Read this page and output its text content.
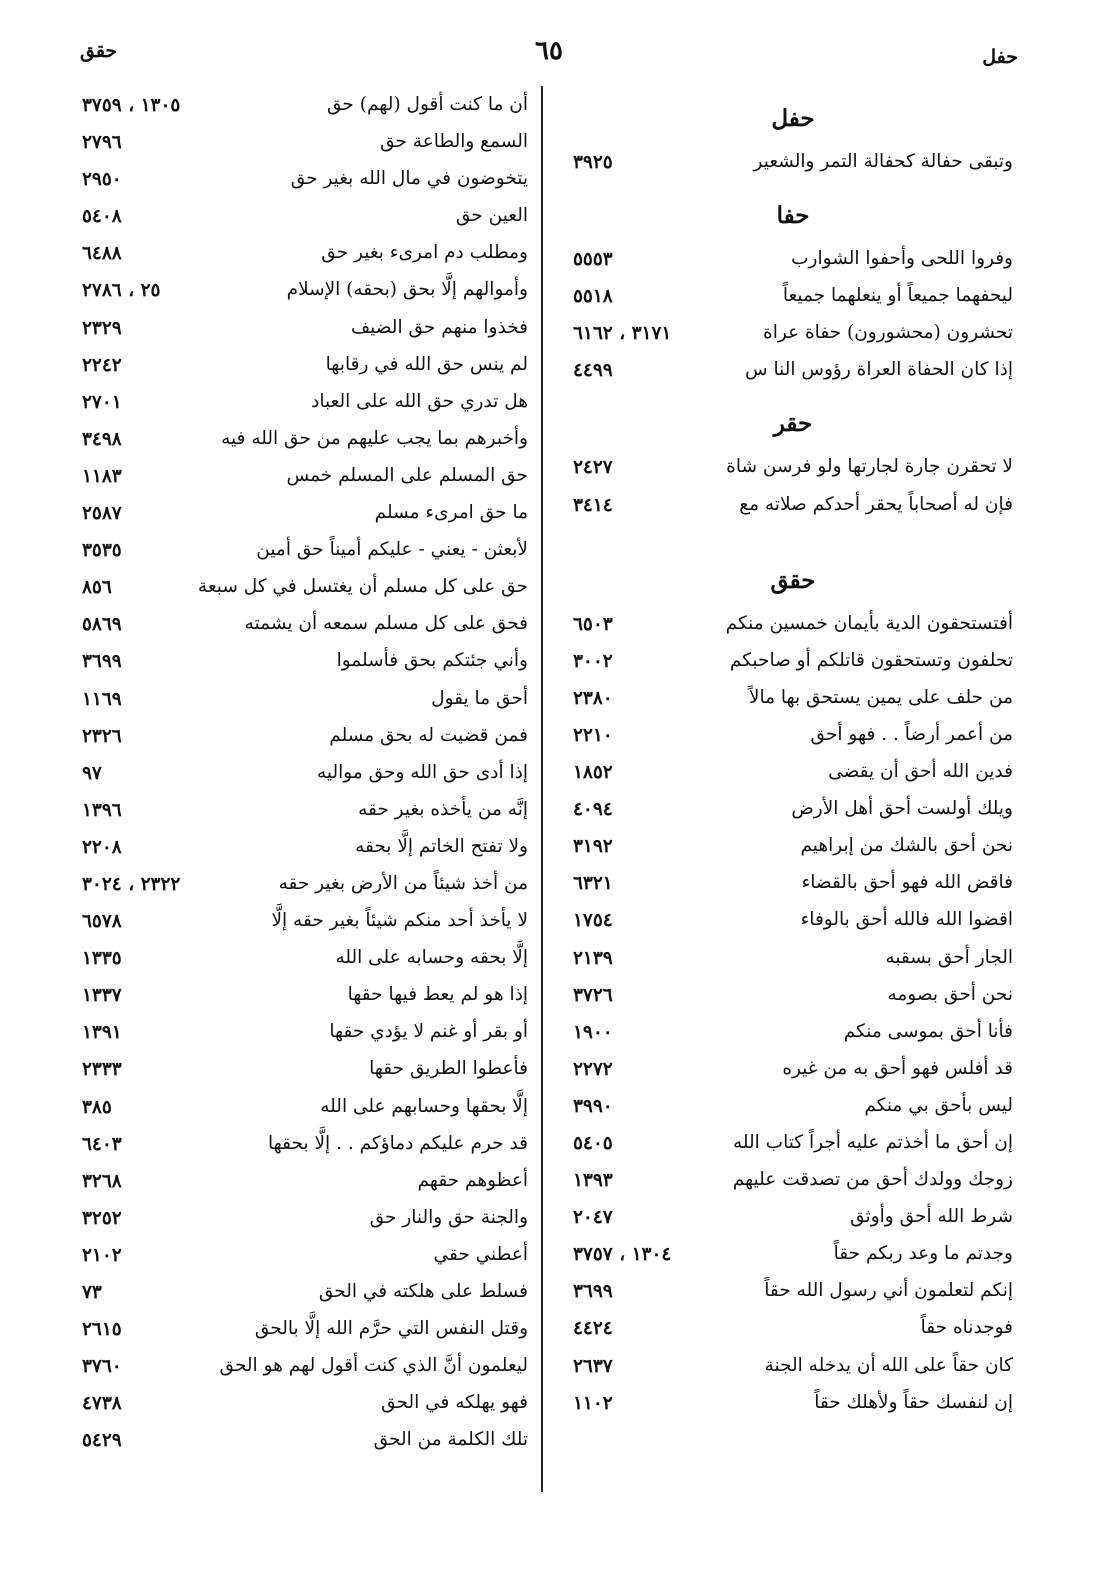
حفل
٦٥
حقق
حفل
وتبقى حفالة كحفالة التمر والشعير
٣٩٢٥
حفا
وفروا اللحى وأحفوا الشوارب
٥٥٥٣
ليحفهما جميعاً أو ينعلهما جميعاً
٥٥١٨
تحشرون (محشورون) حفاة عراة
٣١٧١ ، ٦١٦٢
إذا كان الحفاة العراة رؤوس النا س
٤٤٩٩
حقر
لا تحقرن جارة لجارتها ولو فرسن شاة
٢٤٢٧
فإن له أصحاباً يحقر أحدكم صلاته مع
٣٤١٤
حقق
أفتستحقون الدية بأيمان خمسين منكم
٦٥٠٣
تحلفون وتستحقون قاتلكم أو صاحبكم
٣٠٠٢
من حلف على يمين يستحق بها مالاً
٢٣٨٠
من أعمر أرضاً . . فهو أحق
٢٢١٠
فدين الله أحق أن يقضى
١٨٥٢
ويلك أولست أحق أهل الأرض
٤٠٩٤
نحن أحق بالشك من إبراهيم
٣١٩٢
فاقض الله فهو أحق بالقضاء
٦٣٢١
اقضوا الله فالله أحق بالوفاء
١٧٥٤
الجار أحق بسقبه
٢١٣٩
نحن أحق بصومه
٣٧٢٦
فأنا أحق بموسى منكم
١٩٠٠
قد أفلس فهو أحق به من غيره
٢٢٧٢
ليس بأحق بي منكم
٣٩٩٠
إن أحق ما أخذتم عليه أجراً كتاب الله
٥٤٠٥
زوجك وولدك أحق من تصدقت عليهم
١٣٩٣
شرط الله أحق وأوثق
٢٠٤٧
وجدتم ما وعد ربكم حقاً
١٣٠٤ ، ٣٧٥٧
إنكم لتعلمون أني رسول الله حقاً
٣٦٩٩
فوجدناه حقاً
٤٤٢٤
كان حقاً على الله أن يدخله الجنة
٢٦٣٧
إن لنفسك حقاً ولأهلك حقاً
١١٠٢
أن ما كنت أقول (لهم) حق
١٣٠٥ ، ٣٧٥٩
السمع والطاعة حق
٢٧٩٦
يتخوضون في مال الله بغير حق
٢٩٥٠
العين حق
٥٤٠٨
ومطلب دم امرىء بغير حق
٦٤٨٨
وأموالهم إلَّا بحق (بحقه) الإسلام
٢٥ ، ٢٧٨٦
فخذوا منهم حق الضيف
٢٣٢٩
لم ينس حق الله في رقابها
٢٢٤٢
هل تدري حق الله على العباد
٢٧٠١
وأخبرهم بما يجب عليهم من حق الله فيه
٣٤٩٨
حق المسلم على المسلم خمس
١١٨٣
ما حق امرىء مسلم
٢٥٨٧
لأبعثن - يعني - عليكم أميناً حق أمين
٣٥٣٥
حق على كل مسلم أن يغتسل في كل سبعة
٨٥٦
فحق على كل مسلم سمعه أن يشمته
٥٨٦٩
وأني جئتكم بحق فأسلموا
٣٦٩٩
أحق ما يقول
١١٦٩
فمن قضيت له بحق مسلم
٢٣٢٦
إذا أدى حق الله وحق مواليه
٩٧
إنَّه من يأخذه بغير حقه
١٣٩٦
ولا تفتح الخاتم إلَّا بحقه
٢٢٠٨
من أخذ شيئاً من الأرض بغير حقه
٢٣٢٢ ، ٣٠٢٤
لا يأخذ أحد منكم شيئاً بغير حقه إلَّا
٦٥٧٨
إلَّا بحقه وحسابه على الله
١٣٣٥
إذا هو لم يعط فيها حقها
١٣٣٧
أو بقر أو غنم لا يؤدي حقها
١٣٩١
فأعطوا الطريق حقها
٢٣٣٣
إلَّا بحقها وحسابهم على الله
٣٨٥
قد حرم عليكم دماؤكم . . إلَّا بحقها
٦٤٠٣
أعظوهم حقهم
٣٢٦٨
والجنة حق والنار حق
٣٢٥٢
أعطني حقي
٢١٠٢
فسلط على هلكته في الحق
٧٣
وقتل النفس التي حرَّم الله إلَّا بالحق
٢٦١٥
ليعلمون أنَّ الذي كنت أقول لهم هو الحق
٣٧٦٠
فهو يهلكه في الحق
٤٧٣٨
تلك الكلمة من الحق
٥٤٢٩
